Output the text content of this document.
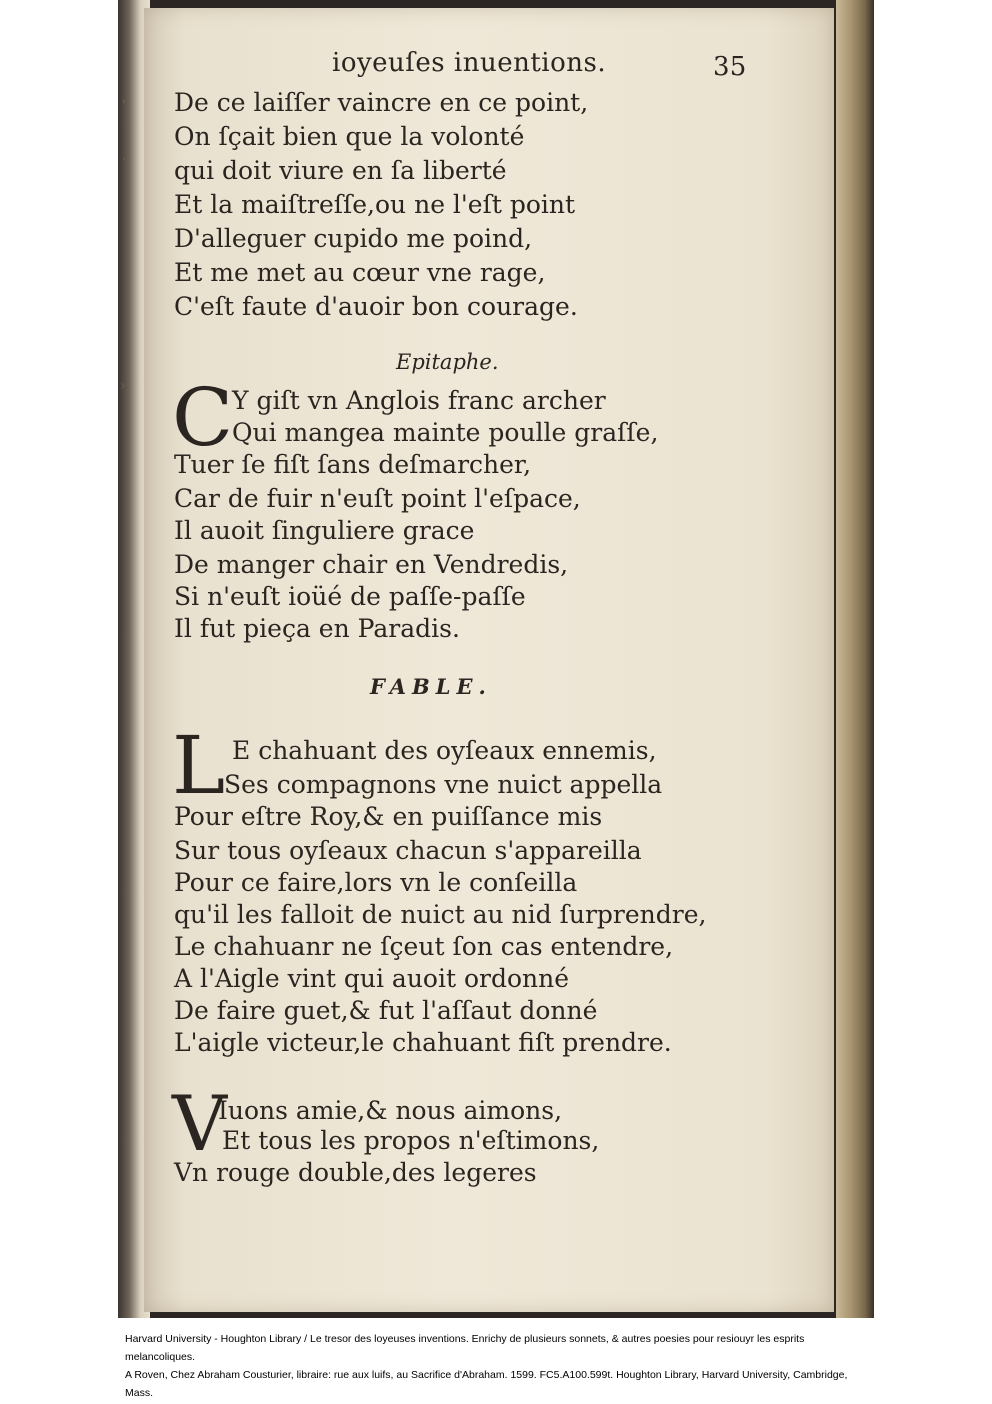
'
.
›
ioyeuſes inuentions.	35
De ce laiſſer vaincre en ce point,
On ſçait bien que la volonté
qui doit viure en ſa liberté
Et la maiſtreſſe,ou ne l'eſt point
D'alleguer cupido me poind,
Et me met au cœur vne rage,
C'eſt faute d'auoir bon courage.
Epitaphe.
C
Y giſt vn Anglois franc archer
Qui mangea mainte poulle graſſe,
Tuer ſe fiſt ſans deſmarcher,
Car de fuir n'euſt point l'eſpace,
Il auoit ſinguliere grace
De manger chair en Vendredis,
Si n'euſt ioüé de paſſe-paſſe
Il fut pieça en Paradis.
FABLE.
L E chahuant des oyſeaux ennemis,
Ses compagnons vne nuict appella
Pour eſtre Roy,& en puiſſance mis
Sur tous oyſeaux chacun s'appareilla
Pour ce faire,lors vn le conſeilla
qu'il les falloit de nuict au nid ſurprendre,
Le chahuanr ne ſçeut ſon cas entendre,
A l'Aigle vint qui auoit ordonné
De faire guet,& fut l'aſſaut donné
L'aigle victeur,le chahuant fiſt prendre.
V
Iuons amie,& nous aimons,
Et tous les propos n'eſtimons,
Vn rouge double,des legeres

Harvard University - Houghton Library / Le tresor des loyeuses inventions. Enrichy de plusieurs sonnets, & autres poesies pour resiouyr les esprits melancoliques.

A Roven, Chez Abraham Cousturier, libraire: rue aux luifs, au Sacrifice d'Abraham. 1599. FC5.A100.599t. Houghton Library, Harvard University, Cambridge, Mass.
